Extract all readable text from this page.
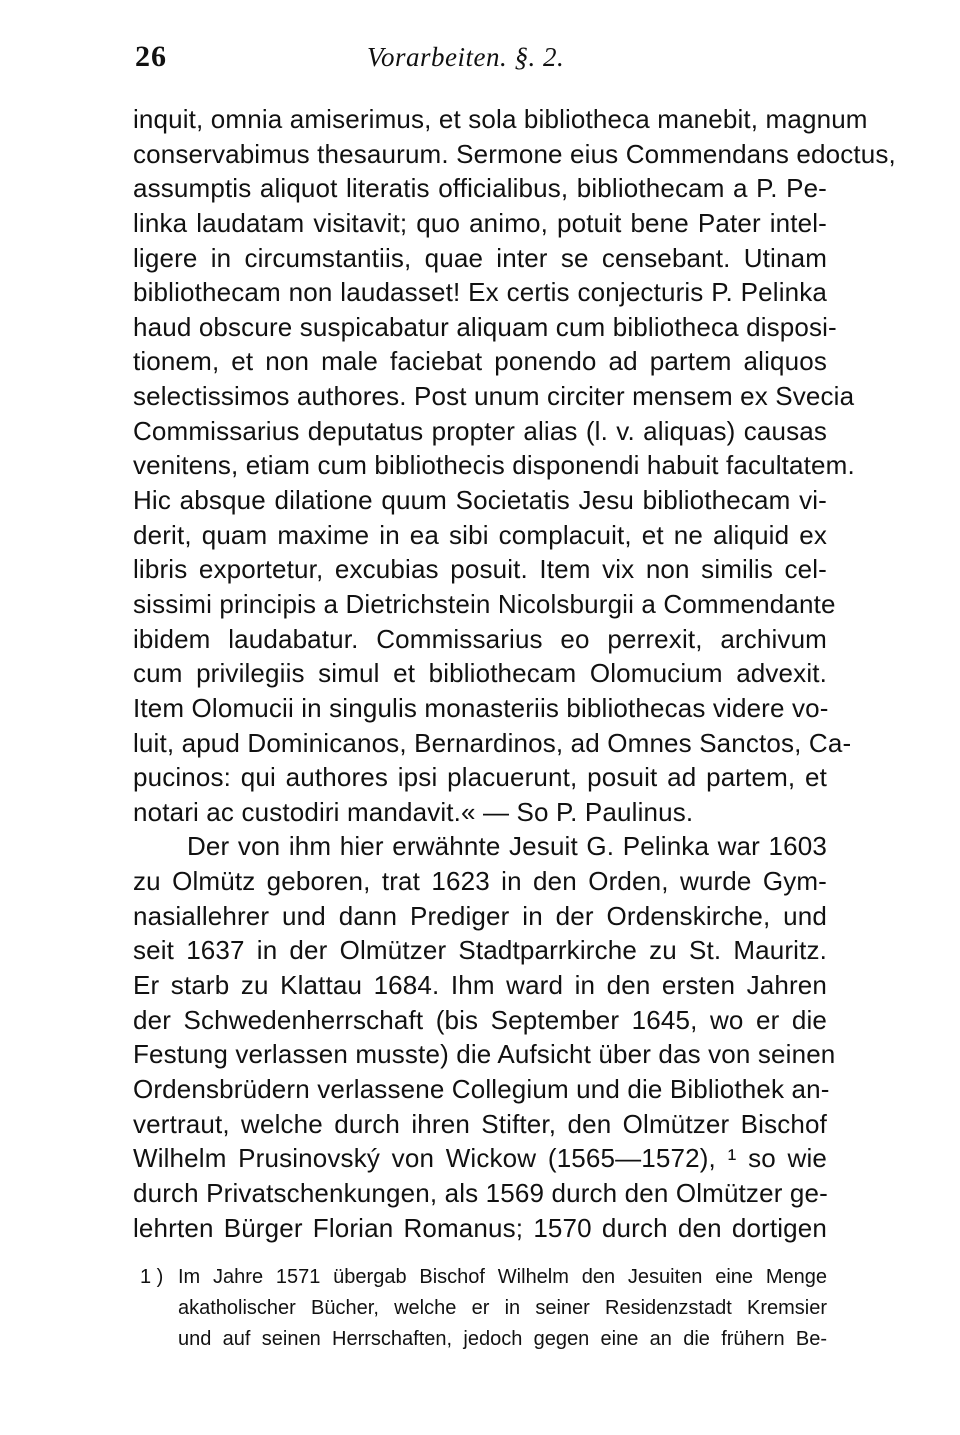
26	Vorarbeiten. §. 2.
inquit, omnia amiserimus, et sola bibliotheca manebit, magnum
conservabimus thesaurum. Sermone eius Commendans edoctus,
assumptis aliquot literatis officialibus, bibliothecam a P. Pe-
linka laudatam visitavit; quo animo, potuit bene Pater intel-
ligere in circumstantiis, quae inter se censebant. Utinam
bibliothecam non laudasset! Ex certis conjecturis P. Pelinka
haud obscure suspicabatur aliquam cum bibliotheca disposi-
tionem, et non male faciebat ponendo ad partem aliquos
selectissimos authores. Post unum circiter mensem ex Svecia
Commissarius deputatus propter alias (l. v. aliquas) causas
venitens, etiam cum bibliothecis disponendi habuit facultatem.
Hic absque dilatione quum Societatis Jesu bibliothecam vi-
derit, quam maxime in ea sibi complacuit, et ne aliquid ex
libris exportetur, excubias posuit. Item vix non similis cel-
sissimi principis a Dietrichstein Nicolsburgii a Commendante
ibidem laudabatur. Commissarius eo perrexit, archivum
cum privilegiis simul et bibliothecam Olomucium advexit.
Item Olomucii in singulis monasteriis bibliothecas videre vo-
luit, apud Dominicanos, Bernardinos, ad Omnes Sanctos, Ca-
pucinos: qui authores ipsi placuerunt, posuit ad partem, et
notari ac custodiri mandavit.« — So P. Paulinus.
Der von ihm hier erwähnte Jesuit G. Pelinka war 1603
zu Olmütz geboren, trat 1623 in den Orden, wurde Gym-
nasiallehrer und dann Prediger in der Ordenskirche, und
seit 1637 in der Olmützer Stadtparrkirche zu St. Mauritz.
Er starb zu Klattau 1684. Ihm ward in den ersten Jahren
der Schwedenherrschaft (bis September 1645, wo er die
Festung verlassen musste) die Aufsicht über das von seinen
Ordensbrüdern verlassene Collegium und die Bibliothek an-
vertraut, welche durch ihren Stifter, den Olmützer Bischof
Wilhelm Prusinovský von Wickow (1565—1572), ¹ so wie
durch Privatschenkungen, als 1569 durch den Olmützer ge-
lehrten Bürger Florian Romanus; 1570 durch den dortigen
1 ) Im Jahre 1571 übergab Bischof Wilhelm den Jesuiten eine Menge
akatholischer Bücher, welche er in seiner Residenzstadt Kremsier
und auf seinen Herrschaften, jedoch gegen eine an die frühern Be-
